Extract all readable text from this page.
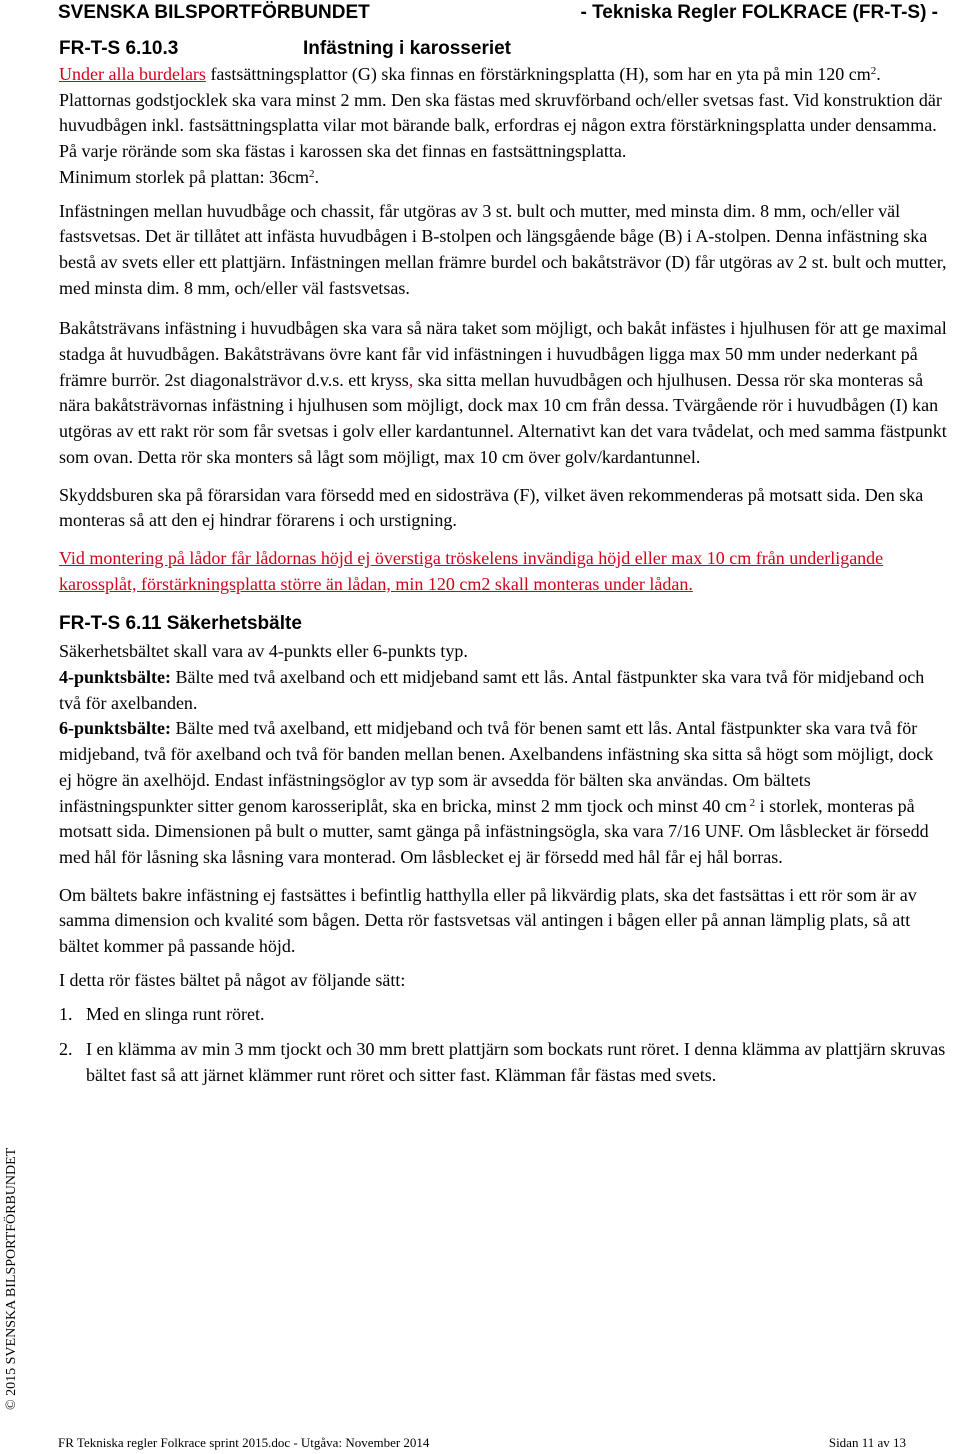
SVENSKA BILSPORTFÖRBUNDET	- Tekniska Regler FOLKRACE (FR-T-S) -
FR-T-S 6.10.3	Infästning i karosseriet

Under alla burdelars fastsättningsplattor (G) ska finnas en förstärkningsplatta (H), som har en yta på min 120 $cm^2$. Plattornas godstjocklek ska vara minst 2 mm. Den ska fästas med skruvförband och/eller svetsas fast. Vid konstruktion där huvudbågen inkl. fastsättningsplatta vilar mot bärande balk, erfordras ej någon extra förstärkningsplatta under densamma.

På varje rörände som ska fästas i karossen ska det finnas en fastsättningsplatta.

Minimum storlek på plattan: $36cm^2$.

Infästningen mellan huvudbåge och chassit, får utgöras av 3 st. bult och mutter, med minsta dim. 8 mm, och/eller väl fastsvetsas. Det är tillåtet att infästa huvudbågen i B-stolpen och längsgående båge (B) i A-stolpen. Denna infästning ska bestå av svets eller ett plattjärn. Infästningen mellan främre burdel och bakåtsträvor (D) får utgöras av 2 st. bult och mutter, med minsta dim. 8 mm, och/eller väl fastsvetsas.

Bakåtsträvans infästning i huvudbågen ska vara så nära taket som möjligt, och bakåt infästes i hjulhusen för att ge maximal stadga åt huvudbågen. Bakåtsträvans övre kant får vid infästningen i huvudbågen ligga max 50 mm under nederkant på främre burrör. 2st diagonalsträvor d.v.s. ett kryss, ska sitta mellan huvudbågen och hjulhusen. Dessa rör ska monteras så nära bakåtsträvornas infästning i hjulhusen som möjligt, dock max 10 cm från dessa. Tvärgående rör i huvudbågen (I) kan utgöras av ett rakt rör som får svetsas i golv eller kardantunnel. Alternativt kan det vara tvådelat, och med samma fästpunkt som ovan. Detta rör ska monters så lågt som möjligt, max 10 cm över golv/kardantunnel.

Skyddsburen ska på förarsidan vara försedd med en sidosträva (F), vilket även rekommenderas på motsatt sida. Den ska monteras så att den ej hindrar förarens i och urstigning.

Vid montering på lådor får lådornas höjd ej överstiga tröskelens invändiga höjd eller max 10 cm från underligande karossplåt, förstärkningsplatta större än lådan, min 120 cm2 skall monteras under lådan.

FR-T-S 6.11 Säkerhetsbälte

Säkerhetsbältet skall vara av 4-punkts eller 6-punkts typ.

4-punktsbälte: Bälte med två axelband och ett midjeband samt ett lås. Antal fästpunkter ska vara två för midjeband och två för axelbanden.

6-punktsbälte: Bälte med två axelband, ett midjeband och två för benen samt ett lås. Antal fästpunkter ska vara två för midjeband, två för axelband och två för banden mellan benen. Axelbandens infästning ska sitta så högt som möjligt, dock ej högre än axelhöjd. Endast infästningsöglor av typ som är avsedda för bälten ska användas. Om bältets infästningspunkter sitter genom karosseriplåt, ska en bricka, minst 2 mm tjock och minst 40 cm $^2$ i storlek, monteras på motsatt sida. Dimensionen på bult o mutter, samt gänga på infästningsögla, ska vara 7/16 UNF. Om låsblecket är försedd med hål för låsning ska låsning vara monterad. Om låsblecket ej är försedd med hål får ej hål borras.

Om bältets bakre infästning ej fastsättes i befintlig hatthylla eller på likvärdig plats, ska det fastsättas i ett rör som är av samma dimension och kvalité som bågen. Detta rör fastsvetsas väl antingen i bågen eller på annan lämplig plats, så att bältet kommer på passande höjd.

I detta rör fästes bältet på något av följande sätt:

1. Med en slinga runt röret.
2. I en klämma av min 3 mm tjockt och 30 mm brett plattjärn som bockats runt röret. I denna klämma av plattjärn skruvas bältet fast så att järnet klämmer runt röret och sitter fast. Klämman får fästas med svets.
© 2015 SVENSKA BILSPORTFÖRBUNDET
FR Tekniska regler Folkrace sprint 2015.doc - Utgåva: November 2014	Sidan 11 av 13
